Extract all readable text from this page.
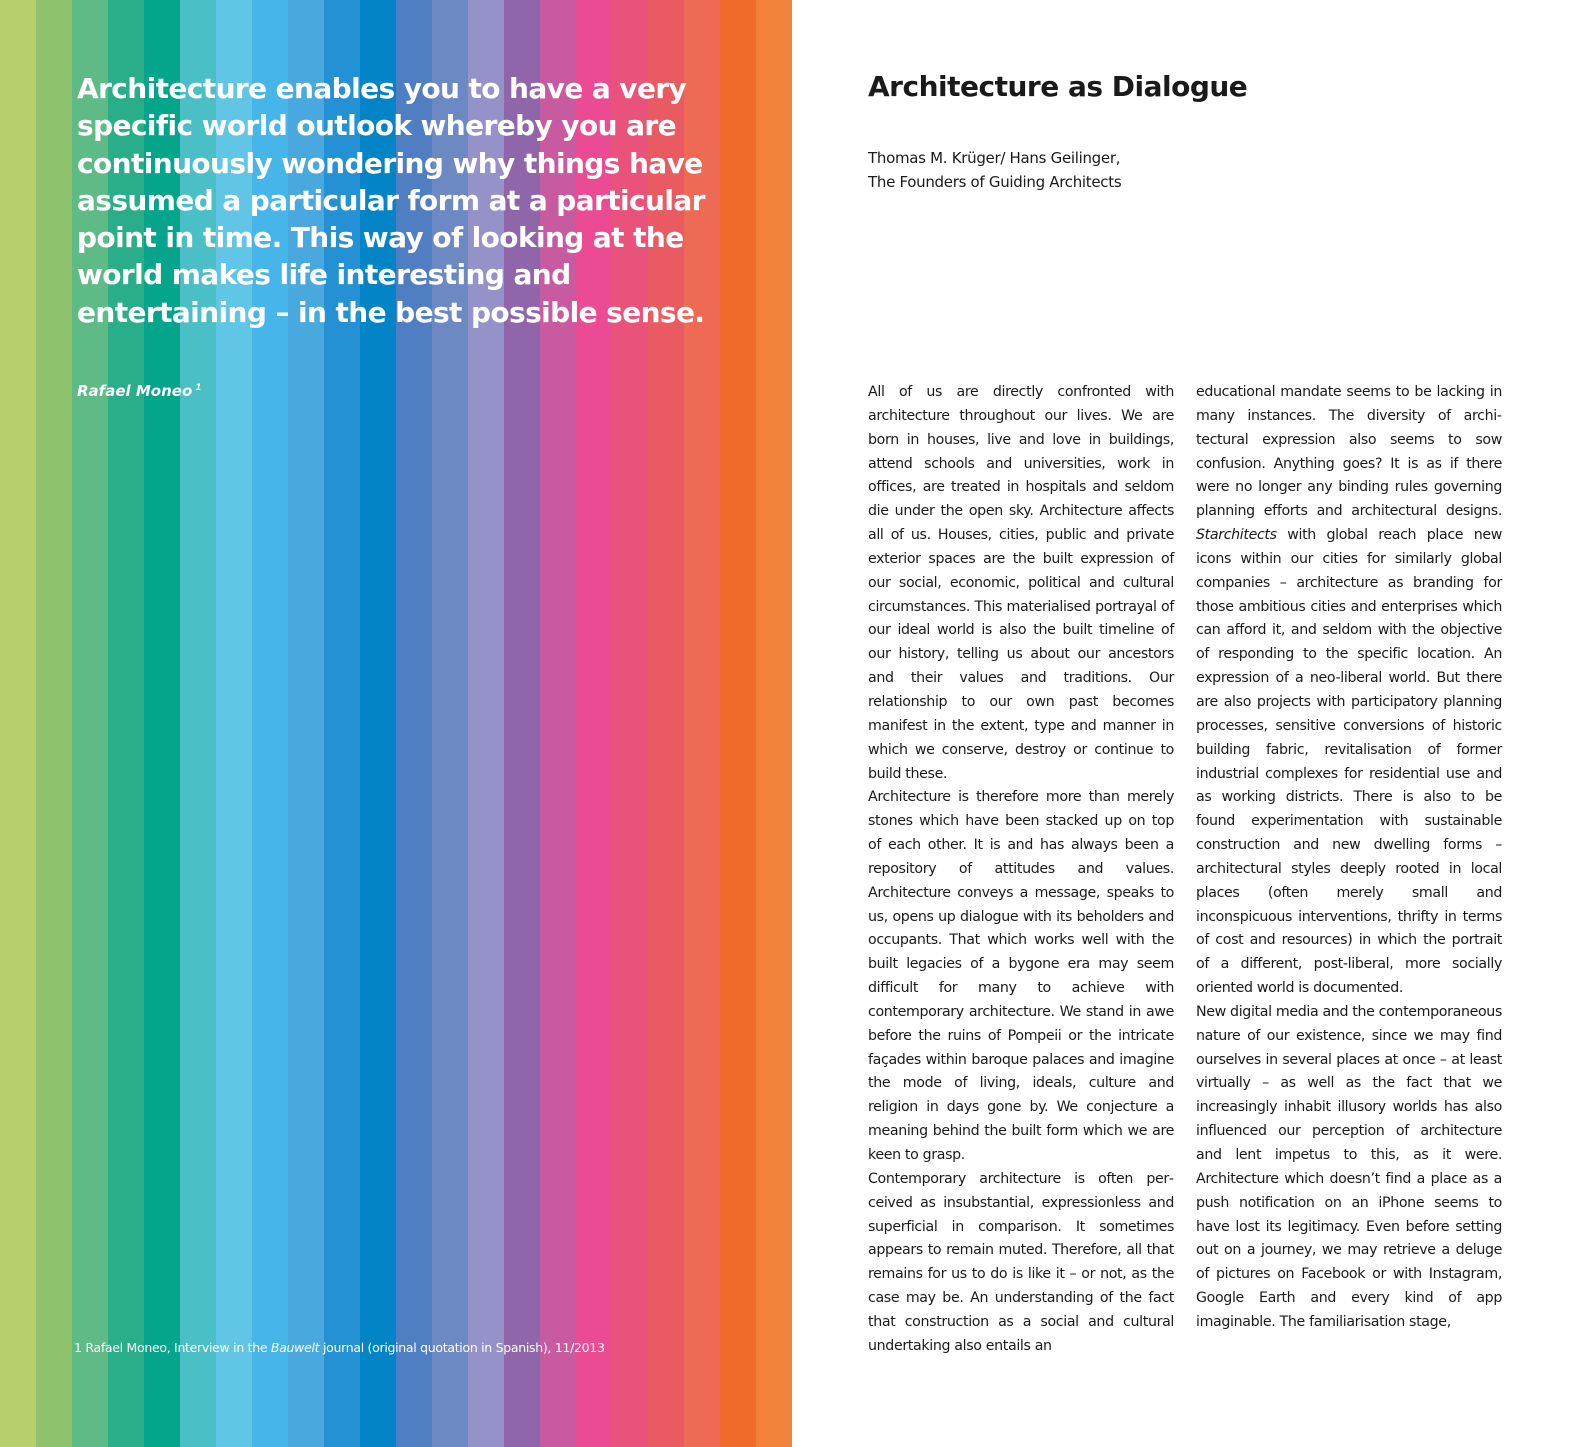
Architecture enables you to have a very specific world outlook whereby you are continuously wondering why things have assumed a particular form at a particular point in time. This way of looking at the world makes life interesting and entertaining – in the best possible sense.

Rafael Moneo $^1$
1 Rafael Moneo, Interview in the Bauwelt journal (original quotation in Spanish), 11/2013
Architecture as Dialogue
Thomas M. Krüger/ Hans Geilinger,
The Founders of Guiding Architects

All of us are directly confronted with architecture throughout our lives. We are born in houses, live and love in buildings, attend schools and universities, work in offices, are treated in hospitals and seldom die under the open sky. Architecture affects all of us. Houses, cities, public and private exterior spaces are the built expression of our social, economic, political and cultural circumstances. This materialised portrayal of our ideal world is also the built timeline of our history, telling us about our ancestors and their values and traditions. Our relationship to our own past becomes manifest in the extent, type and manner in which we conserve, destroy or continue to build these.

Architecture is therefore more than merely stones which have been stacked up on top of each other. It is and has always been a repository of attitudes and values. Architecture conveys a message, speaks to us, opens up dialogue with its beholders and occupants. That which works well with the built legacies of a bygone era may seem difficult for many to achieve with contemporary architecture. We stand in awe before the ruins of Pompeii or the intricate façades within baroque palaces and imagine the mode of living, ideals, culture and religion in days gone by. We conjecture a meaning behind the built form which we are keen to grasp.

Contemporary architecture is often perceived as insubstantial, expressionless and superficial in comparison. It sometimes appears to remain muted. Therefore, all that remains for us to do is like it – or not, as the case may be. An understanding of the fact that construction as a social and cultural undertaking also entails an

educational mandate seems to be lacking in many instances. The diversity of architectural expression also seems to sow confusion. Anything goes? It is as if there were no longer any binding rules governing planning efforts and architectural designs. Starchitects with global reach place new icons within our cities for similarly global companies – architecture as branding for those ambitious cities and enterprises which can afford it, and seldom with the objective of responding to the specific location. An expression of a neo-liberal world. But there are also projects with participatory planning processes, sensitive conversions of historic building fabric, revitalisation of former industrial complexes for residential use and as working districts. There is also to be found experimentation with sustainable construction and new dwelling forms – architectural styles deeply rooted in local places (often merely small and inconspicuous interventions, thrifty in terms of cost and resources) in which the portrait of a different, post-liberal, more socially oriented world is documented.

New digital media and the contemporaneous nature of our existence, since we may find ourselves in several places at once – at least virtually – as well as the fact that we increasingly inhabit illusory worlds has also influenced our perception of architecture and lent impetus to this, as it were. Architecture which doesn’t find a place as a push notification on an iPhone seems to have lost its legitimacy. Even before setting out on a journey, we may retrieve a deluge of pictures on Facebook or with Instagram, Google Earth and every kind of app imaginable. The familiarisation stage,
